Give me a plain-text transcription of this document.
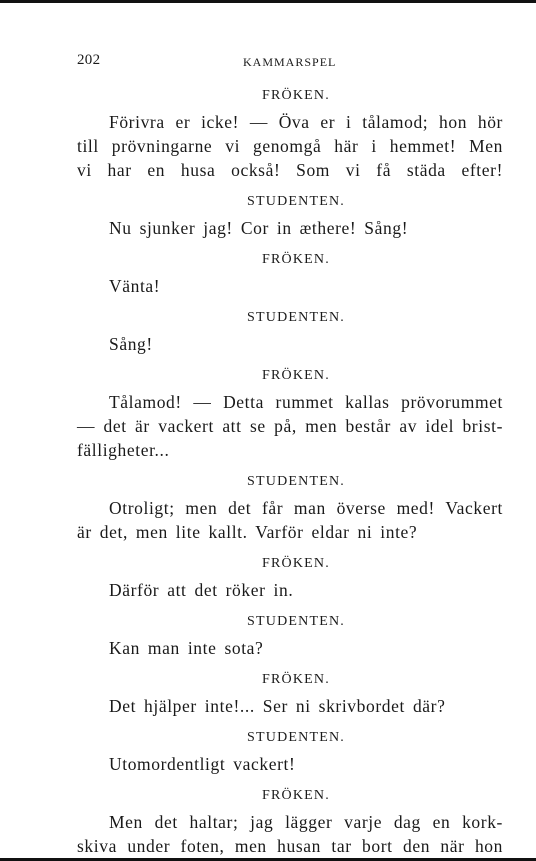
202	KAMMARSPEL

FRÖKEN.

Förivra er icke! — Öva er i tålamod; hon hör

till prövningarne vi genomgå här i hemmet! Men

vi har en husa också! Som vi få städa efter!

STUDENTEN.

Nu sjunker jag! Cor in æthere! Sång!

FRÖKEN.

Vänta!

STUDENTEN.

Sång!

FRÖKEN.

Tålamod! — Detta rummet kallas prövorummet

— det är vackert att se på, men består av idel brist-

fälligheter...

STUDENTEN.

Otroligt; men det får man överse med! Vackert

är det, men lite kallt. Varför eldar ni inte?

FRÖKEN.

Därför att det röker in.

STUDENTEN.

Kan man inte sota?

FRÖKEN.

Det hjälper inte!... Ser ni skrivbordet där?

STUDENTEN.

Utomordentligt vackert!

FRÖKEN.

Men det haltar; jag lägger varje dag en kork-

skiva under foten, men husan tar bort den när hon
